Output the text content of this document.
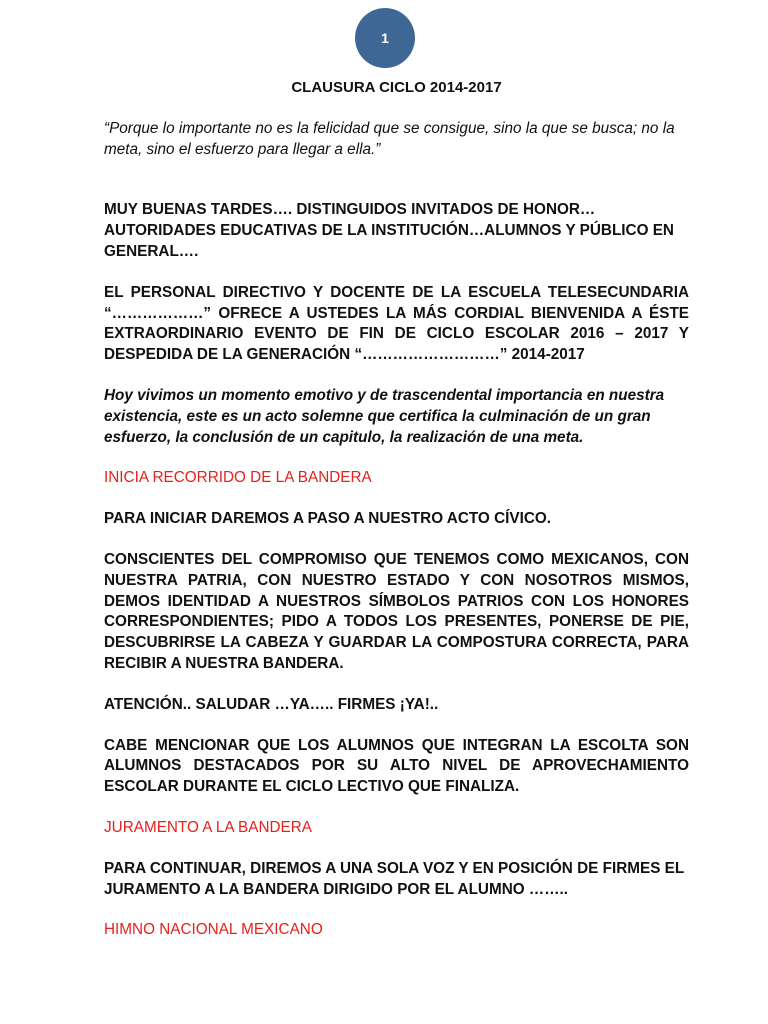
1

CLAUSURA CICLO 2014-2017

“Porque lo importante no es la felicidad que se consigue, sino la que se busca; no la meta, sino el esfuerzo para llegar a ella.”

MUY BUENAS TARDES…. DISTINGUIDOS INVITADOS DE HONOR… AUTORIDADES EDUCATIVAS DE LA INSTITUCIÓN…ALUMNOS Y PÚBLICO EN GENERAL….

EL PERSONAL DIRECTIVO Y DOCENTE DE LA ESCUELA TELESECUNDARIA “………………” OFRECE A USTEDES LA MÁS CORDIAL BIENVENIDA A ÉSTE EXTRAORDINARIO EVENTO DE FIN DE CICLO ESCOLAR 2016 – 2017 Y DESPEDIDA DE LA GENERACIÓN “………………………” 2014-2017

Hoy vivimos un momento emotivo y de trascendental importancia en nuestra existencia, este es un acto solemne que certifica la culminación de un gran esfuerzo, la conclusión de un capitulo, la realización de una meta.

INICIA RECORRIDO DE LA BANDERA

PARA INICIAR DAREMOS A PASO A NUESTRO ACTO CÍVICO.

CONSCIENTES DEL COMPROMISO QUE TENEMOS COMO MEXICANOS, CON NUESTRA PATRIA, CON NUESTRO ESTADO Y CON NOSOTROS MISMOS, DEMOS IDENTIDAD A NUESTROS SÍMBOLOS PATRIOS CON LOS HONORES CORRESPONDIENTES; PIDO A TODOS LOS PRESENTES, PONERSE DE PIE, DESCUBRIRSE LA CABEZA Y GUARDAR LA COMPOSTURA CORRECTA, PARA RECIBIR A NUESTRA BANDERA.

ATENCIÓN.. SALUDAR …YA….. FIRMES ¡YA!..

CABE MENCIONAR QUE LOS ALUMNOS QUE INTEGRAN LA ESCOLTA SON ALUMNOS DESTACADOS POR SU ALTO NIVEL DE APROVECHAMIENTO ESCOLAR DURANTE EL CICLO LECTIVO QUE FINALIZA.

JURAMENTO A LA BANDERA

PARA CONTINUAR, DIREMOS A UNA SOLA VOZ Y EN POSICIÓN DE FIRMES EL JURAMENTO A LA BANDERA DIRIGIDO POR EL ALUMNO ……..

HIMNO NACIONAL MEXICANO
